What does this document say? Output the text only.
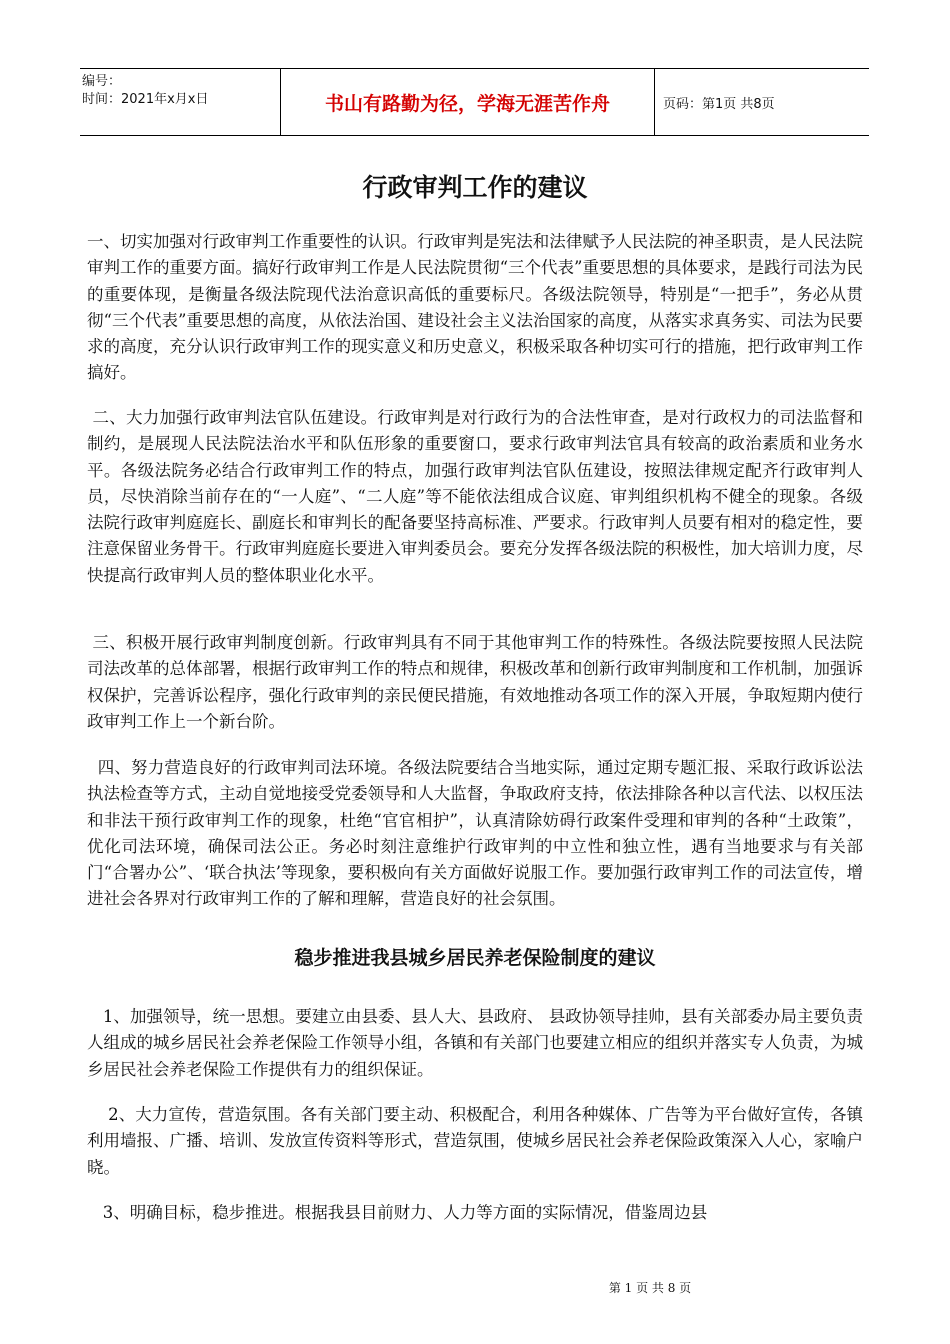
编号：
时间：2021年x月x日	书山有路勤为径，学海无涯苦作舟	页码：第1页 共8页
行政审判工作的建议

一、切实加强对行政审判工作重要性的认识。行政审判是宪法和法律赋予人民法院的神圣职责，是人民法院审判工作的重要方面。搞好行政审判工作是人民法院贯彻“三个代表”重要思想的具体要求，是践行司法为民的重要体现，是衡量各级法院现代法治意识高低的重要标尺。各级法院领导，特别是“一把手”，务必从贯彻“三个代表”重要思想的高度，从依法治国、建设社会主义法治国家的高度，从落实求真务实、司法为民要求的高度，充分认识行政审判工作的现实意义和历史意义，积极采取各种切实可行的措施，把行政审判工作搞好。

二、大力加强行政审判法官队伍建设。行政审判是对行政行为的合法性审查，是对行政权力的司法监督和制约，是展现人民法院法治水平和队伍形象的重要窗口，要求行政审判法官具有较高的政治素质和业务水平。各级法院务必结合行政审判工作的特点，加强行政审判法官队伍建设，按照法律规定配齐行政审判人员，尽快消除当前存在的“一人庭”、“二人庭”等不能依法组成合议庭、审判组织机构不健全的现象。各级法院行政审判庭庭长、副庭长和审判长的配备要坚持高标准、严要求。行政审判人员要有相对的稳定性，要注意保留业务骨干。行政审判庭庭长要进入审判委员会。要充分发挥各级法院的积极性，加大培训力度，尽快提高行政审判人员的整体职业化水平。

三、积极开展行政审判制度创新。行政审判具有不同于其他审判工作的特殊性。各级法院要按照人民法院司法改革的总体部署，根据行政审判工作的特点和规律，积极改革和创新行政审判制度和工作机制，加强诉权保护，完善诉讼程序，强化行政审判的亲民便民措施，有效地推动各项工作的深入开展，争取短期内使行政审判工作上一个新台阶。

四、努力营造良好的行政审判司法环境。各级法院要结合当地实际，通过定期专题汇报、采取行政诉讼法执法检查等方式，主动自觉地接受党委领导和人大监督，争取政府支持，依法排除各种以言代法、以权压法和非法干预行政审判工作的现象，杜绝“官官相护”，认真清除妨碍行政案件受理和审判的各种“土政策”，优化司法环境，确保司法公正。务必时刻注意维护行政审判的中立性和独立性，遇有当地要求与有关部门“合署办公”、‘联合执法’等现象，要积极向有关方面做好说服工作。要加强行政审判工作的司法宣传，增进社会各界对行政审判工作的了解和理解，营造良好的社会氛围。

稳步推进我县城乡居民养老保险制度的建议

1、加强领导，统一思想。要建立由县委、县人大、县政府、 县政协领导挂帅，县有关部委办局主要负责人组成的城乡居民社会养老保险工作领导小组，各镇和有关部门也要建立相应的组织并落实专人负责，为城乡居民社会养老保险工作提供有力的组织保证。

2、大力宣传，营造氛围。各有关部门要主动、积极配合，利用各种媒体、广告等为平台做好宣传，各镇利用墙报、广播、培训、发放宣传资料等形式，营造氛围，使城乡居民社会养老保险政策深入人心，家喻户晓。

3、明确目标，稳步推进。根据我县目前财力、人力等方面的实际情况，借鉴周边县

第 1 页 共 8 页
